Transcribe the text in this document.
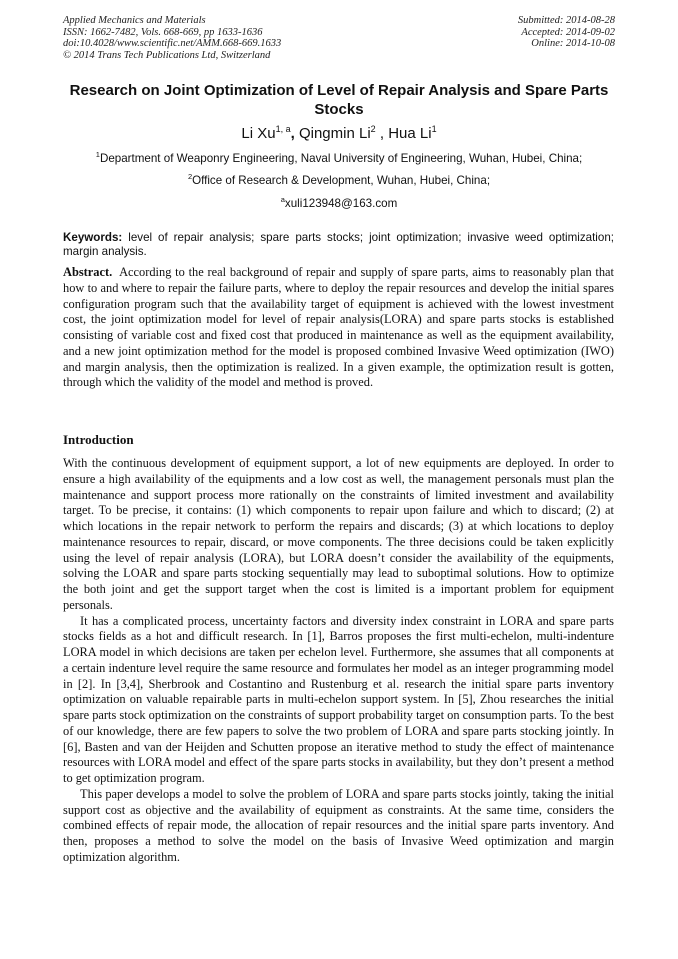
Applied Mechanics and Materials
ISSN: 1662-7482, Vols. 668-669, pp 1633-1636
doi:10.4028/www.scientific.net/AMM.668-669.1633
© 2014 Trans Tech Publications Ltd, Switzerland
Submitted: 2014-08-28
Accepted: 2014-09-02
Online: 2014-10-08
Research on Joint Optimization of Level of Repair Analysis and Spare Parts Stocks
Li Xu$^{1, a}$, Qingmin Li$^2$ , Hua Li$^1$
$^1$Department of Weaponry Engineering, Naval University of Engineering, Wuhan, Hubei, China;
$^2$Office of Research & Development, Wuhan, Hubei, China;
$^a$xuli123948@163.com
Keywords: level of repair analysis; spare parts stocks; joint optimization; invasive weed optimization; margin analysis.
Abstract. According to the real background of repair and supply of spare parts, aims to reasonably plan that how to and where to repair the failure parts, where to deploy the repair resources and develop the initial spares configuration program such that the availability target of equipment is achieved with the lowest investment cost, the joint optimization model for level of repair analysis(LORA) and spare parts stocks is established consisting of variable cost and fixed cost that produced in maintenance as well as the equipment availability, and a new joint optimization method for the model is proposed combined Invasive Weed optimization (IWO) and margin analysis, then the optimization is realized. In a given example, the optimization result is gotten, through which the validity of the model and method is proved.
Introduction

With the continuous development of equipment support, a lot of new equipments are deployed. In order to ensure a high availability of the equipments and a low cost as well, the management personals must plan the maintenance and support process more rationally on the constraints of limited investment and availability target. To be precise, it contains: (1) which components to repair upon failure and which to discard; (2) at which locations in the repair network to perform the repairs and discards; (3) at which locations to deploy maintenance resources to repair, discard, or move components. The three decisions could be taken explicitly using the level of repair analysis (LORA), but LORA doesn’t consider the availability of the equipments, solving the LOAR and spare parts stocking sequentially may lead to suboptimal solutions. How to optimize the both joint and get the support target when the cost is limited is a important problem for equipment personals.

It has a complicated process, uncertainty factors and diversity index constraint in LORA and spare parts stocks fields as a hot and difficult research. In [1], Barros proposes the first multi-echelon, multi-indenture LORA model in which decisions are taken per echelon level. Furthermore, she assumes that all components at a certain indenture level require the same resource and formulates her model as an integer programming model in [2]. In [3,4], Sherbrook and Costantino and Rustenburg et al. research the initial spare parts inventory optimization on valuable repairable parts in multi-echelon support system. In [5], Zhou researches the initial spare parts stock optimization on the constraints of support probability target on consumption parts. To the best of our knowledge, there are few papers to solve the two problem of LORA and spare parts stocking jointly. In [6], Basten and van der Heijden and Schutten propose an iterative method to study the effect of maintenance resources with LORA model and effect of the spare parts stocks in availability, but they don’t present a method to get optimization program.

This paper develops a model to solve the problem of LORA and spare parts stocks jointly, taking the initial support cost as objective and the availability of equipment as constraints. At the same time, considers the combined effects of repair mode, the allocation of repair resources and the initial spare parts inventory. And then, proposes a method to solve the model on the basis of Invasive Weed optimization and margin optimization algorithm.
